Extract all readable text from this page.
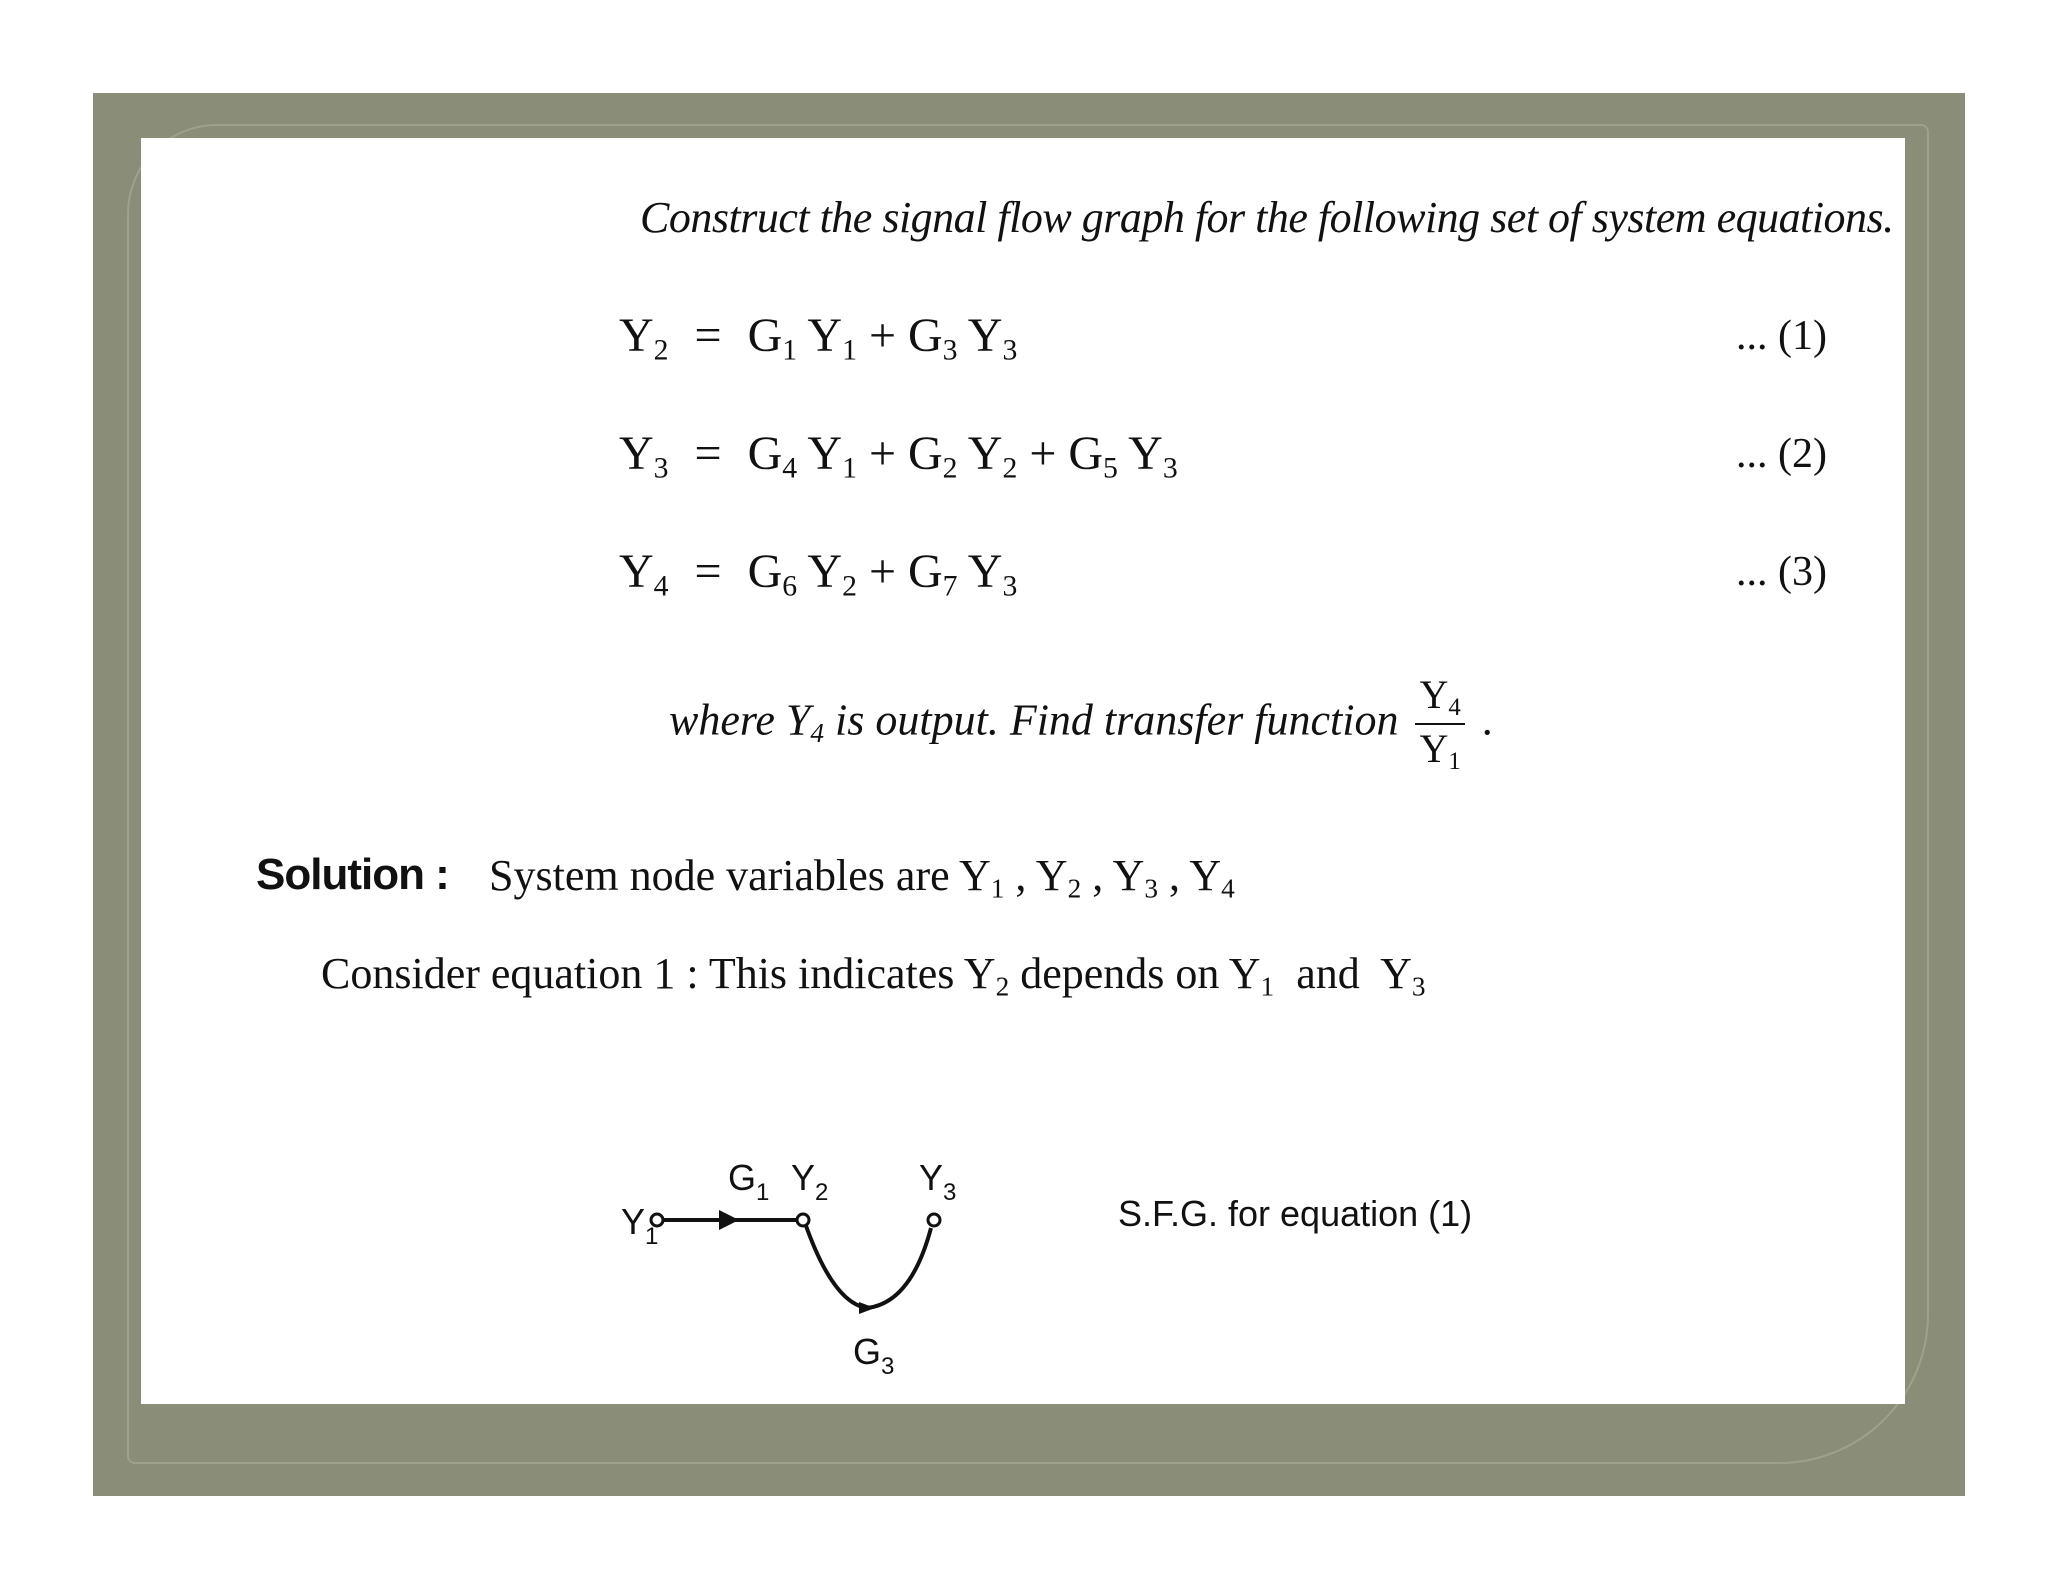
Construct the signal flow graph for the following set of system equations.
$Y_2 = G_1$ $Y_1 + G_3$ $Y_3$	... (1)
$Y_3 = G_4$ $Y_1 + G_2$ $Y_2 + G_5$ $Y_3$	... (2)
$Y_4 = G_6$ $Y_2 + G_7$ $Y_3$	... (3)
where $Y_4$ is output. Find transfer function $\frac{Y_4}{Y_1}$ .
Solution : System node variables are $Y_1$ , $Y_2$ , $Y_3$ , $Y_4$
Consider equation 1 : This indicates $Y_2$ depends on $Y_1$  and  $Y_3$
$Y_1$
$Y_2$	$Y_3$
$G_1$
$G_3$
S.F.G. for equation (1)
